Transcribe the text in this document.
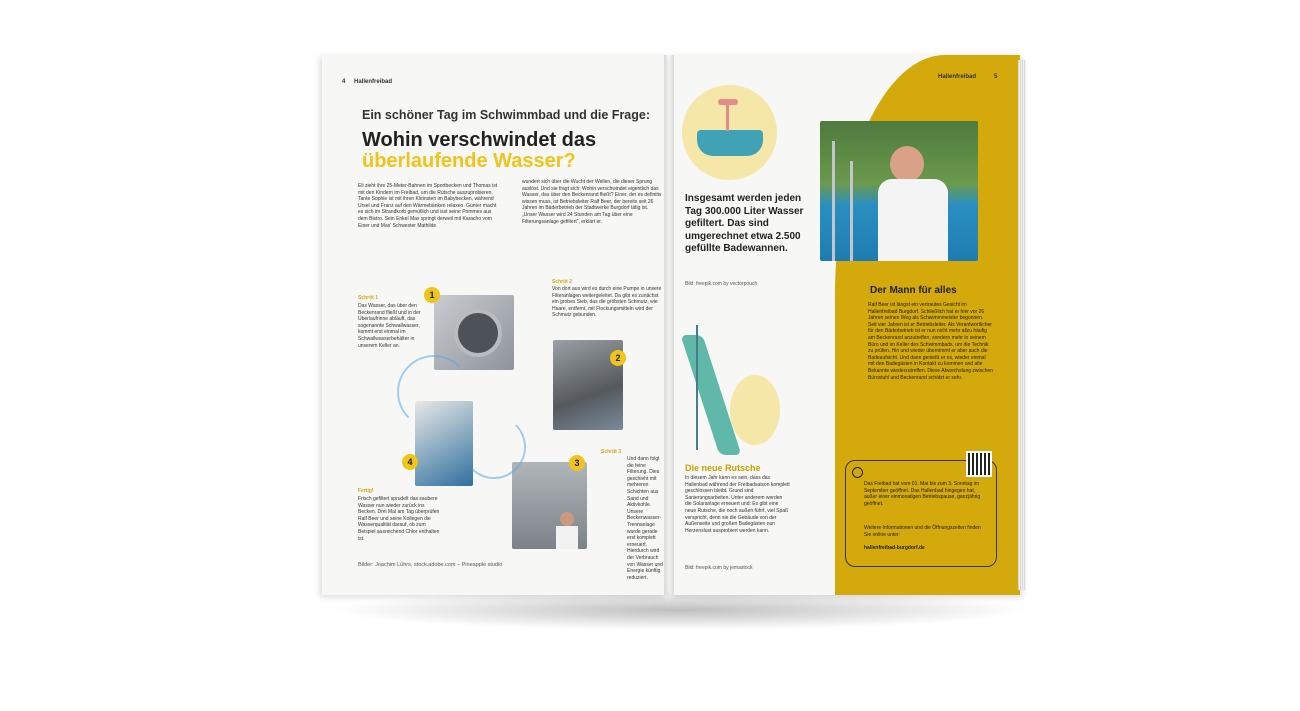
4 Hallenfreibad
Ein schöner Tag im Schwimmbad und die Frage:
Wohin verschwindet das
überlaufende Wasser?
Eli zieht ihre 25-Meter-Bahnen im Sportbecken und Thomas ist mit den Kindern im Freibad, um die Rutsche auszuprobieren. Tante Sophie ist mit ihren Kleinsten im Babybecken, während Ursel und Franz auf den Wärmebänken relaxen. Günter macht es sich im Strandkorb gemütlich und isst seine Pommes aus dem Bistro. Sein Enkel Max springt derweil mit Karacho vom Einer und Max' Schwester Mathilde
wundert sich über die Wucht der Wellen, die dieser Sprung auslöst. Und sie fragt sich: Wohin verschwindet eigentlich das Wasser, das über den Beckenrand fließt? Einer, der es definitiv wissen muss, ist Betriebsleiter Ralf Beer, der bereits seit 26 Jahren im Bäderbetrieb der Stadtwerke Burgdorf tätig ist. „Unser Wasser wird 24 Stunden am Tag über eine Filterungsanlage gefiltert“, erklärt er.
Schritt 1
Das Wasser, das über den Beckenrand fließt und in der Überlaufrinne abläuft, das sogenannte Schwallwasser, kommt erst einmal im Schwallwasserbehälter in unserem Keller an.
1
Schritt 2
Von dort aus wird es durch eine Pumpe in unsere Filteranlagen weitergeleitet. Da gibt es zunächst ein grobes Sieb, das die gröbsten Schmutz, wie Haare, entfernt, mit Flockungsmitteln wird der Schmutz gebunden.
2
Schritt 3
Und dann folgt die feine Filterung. Dies geschieht mit mehreren Schichten aus Sand und Aktivkohle. Unsere Beckenwasser-Trennanlage wurde gerade erst komplett erneuert. Hierdurch wird der Verbrauch von Wasser und Energie künftig reduziert.
3
4
Fertig!
Frisch gefiltert sprudelt das saubere Wasser nun wieder zurück ins Becken. Drei Mal am Tag überprüfen Ralf Beer und seine Kollegen die Wasserqualität darauf, ob zum Beispiel ausreichend Chlor enthalten ist.
Bilder: Joachim Lührs, stock.adobe.com – Pineapple studio
Hallenfreibad	5
Insgesamt werden jeden Tag 300.000 Liter Wasser gefiltert. Das sind umgerechnet etwa 2.500 gefüllte Badewannen.
Bild: freepik.com by vectorpouch
Die neue Rutsche
In diesem Jahr kann es sein, dass das Hallenbad während der Freibadsaison komplett geschlossen bleibt. Grund sind Sanierungsarbeiten. Unter anderem werden die Solaranlage erneuert und: Es gibt eine neue Rutsche, die noch außen führt, viel Spaß verspricht, denn sie die Gebäude von der Außenseite und großen Badegästen nun Herzenslust ausprobiert werden kann.
Bild: freepik.com by jemastock
Der Mann für alles
Ralf Beer ist längst ein vertrautes Gesicht im Hallenfreibad Burgdorf. Schließlich hat er hier vor 26 Jahren seinen Weg als Schwimmmeister begonnen. Seit vier Jahren ist er Betriebsleiter. Als Verantwortlicher für den Bäderbetrieb ist er nun nicht mehr allzu häufig am Beckenrand anzutreffen, sondern mehr in seinem Büro und im Keller des Schwimmbads, um die Technik zu prüfen. Hin und wieder übernimmt er aber auch die Badeaufsicht. Und dann genießt er es, wieder einmal mit den Badegästen in Kontakt zu kommen und alte Bekannte wiederzutreffen. Diese Abwechslung zwischen Bürostuhl und Beckenrand schätzt er sehr.
Das Freibad hat vom 01. Mai bis zum 3. Sonntag im September geöffnet. Das Hallenbad hingegen hat, außer einer einmonatigen Betriebspause, ganzjährig geöffnet.
Weitere Informationen und die Öffnungszeiten finden Sie online unter:
hallenfreibad-burgdorf.de
